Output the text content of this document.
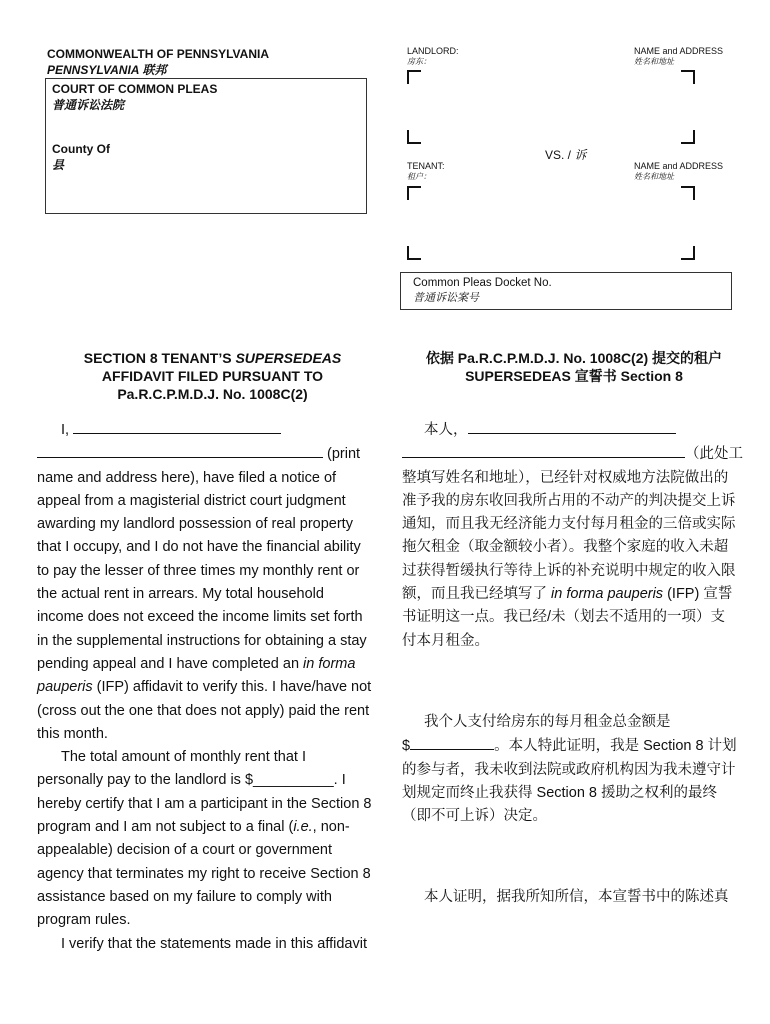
COMMONWEALTH OF PENNSYLVANIA
PENNSYLVANIA 联邦
COURT OF COMMON PLEAS
普通诉讼法院
County Of
县
LANDLORD:
房东：
NAME and ADDRESS
姓名和地址
VS. / 诉
TENANT:
租户：
NAME and ADDRESS
姓名和地址
Common Pleas Docket No.
普通诉讼案号
SECTION 8 TENANT’S SUPERSEDEAS
AFFIDAVIT FILED PURSUANT TO
Pa.R.C.P.M.D.J. No. 1008C(2)
依据 Pa.R.C.P.M.D.J. No. 1008C(2) 提交的租户
SUPERSEDEAS 宣誓书 Section 8
I,
(print
name and address here), have filed a notice of
appeal from a magisterial district court judgment
awarding my landlord possession of real property
that I occupy, and I do not have the financial ability
to pay the lesser of three times my monthly rent or
the actual rent in arrears. My total household
income does not exceed the income limits set forth
in the supplemental instructions for obtaining a stay
pending appeal and I have completed an in forma
pauperis (IFP) affidavit to verify this. I have/have not
(cross out the one that does not apply) paid the rent
this month.
The total amount of monthly rent that I
personally pay to the landlord is $__________. I
hereby certify that I am a participant in the Section 8
program and I am not subject to a final (i.e., non-
appealable) decision of a court or government
agency that terminates my right to receive Section 8
assistance based on my failure to comply with
program rules.
I verify that the statements made in this affidavit
本人，
（此处工
整填写姓名和地址），已经针对权威地方法院做出的
准予我的房东收回我所占用的不动产的判决提交上诉
通知，而且我无经济能力支付每月租金的三倍或实际
拖欠租金（取金额较小者）。我整个家庭的收入未超
过获得暂缓执行等待上诉的补充说明中规定的收入限
额，而且我已经填写了 in forma pauperis (IFP) 宣誓
书证明这一点。我已经/未（划去不适用的一项）支
付本月租金。
我个人支付给房东的每月租金总金额是
$	。本人特此证明，我是 Section 8 计划
的参与者，我未收到法院或政府机构因为我未遵守计
划规定而终止我获得 Section 8 援助之权利的最终
（即不可上诉）决定。
本人证明，据我所知所信，本宣誓书中的陈述真
